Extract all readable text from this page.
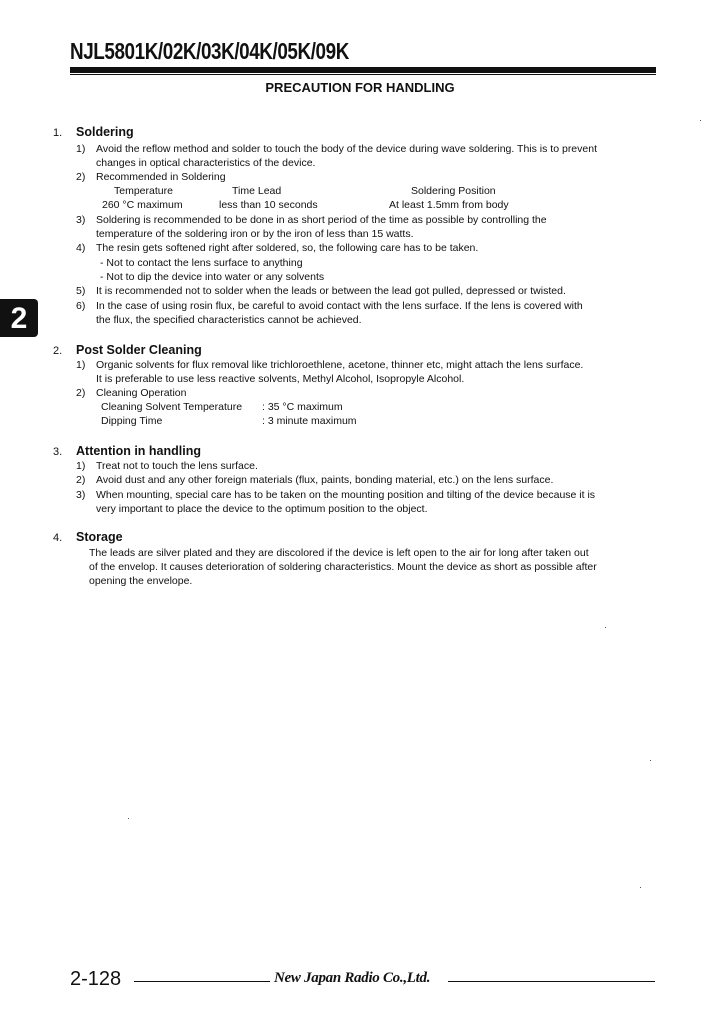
NJL5801K/02K/03K/04K/05K/09K
PRECAUTION FOR HANDLING
2
1. Soldering
1) Avoid the reflow method and solder to touch the body of the device during wave soldering. This is to prevent
changes in optical characteristics of the device.
2) Recommended in Soldering
Temperature	Time Lead	Soldering Position
260 °C maximum	less than 10 seconds	At least 1.5mm from body
3) Soldering is recommended to be done in as short period of the time as possible by controlling the
temperature of the soldering iron or by the iron of less than 15 watts.
4) The resin gets softened right after soldered, so, the following care has to be taken.
- Not to contact the lens surface to anything
- Not to dip the device into water or any solvents
5) It is recommended not to solder when the leads or between the lead got pulled, depressed or twisted.
6) In the case of using rosin flux, be careful to avoid contact with the lens surface. If the lens is covered with
the flux, the specified characteristics cannot be achieved.
2. Post Solder Cleaning
1) Organic solvents for flux removal like trichloroethlene, acetone, thinner etc, might attach the lens surface.
It is preferable to use less reactive solvents, Methyl Alcohol, Isopropyle Alcohol.
2) Cleaning Operation
Cleaning Solvent Temperature : 35 °C maximum
Dipping Time	: 3 minute maximum
3. Attention in handling
1) Treat not to touch the lens surface.
2) Avoid dust and any other foreign materials (flux, paints, bonding material, etc.) on the lens surface.
3) When mounting, special care has to be taken on the mounting position and tilting of the device because it is
very important to place the device to the optimum position to the object.
4. Storage
The leads are silver plated and they are discolored if the device is left open to the air for long after taken out
of the envelop. It causes deterioration of soldering characteristics. Mount the device as short as possible after
opening the envelope.
2-128	New Japan Radio Co.,Ltd.
